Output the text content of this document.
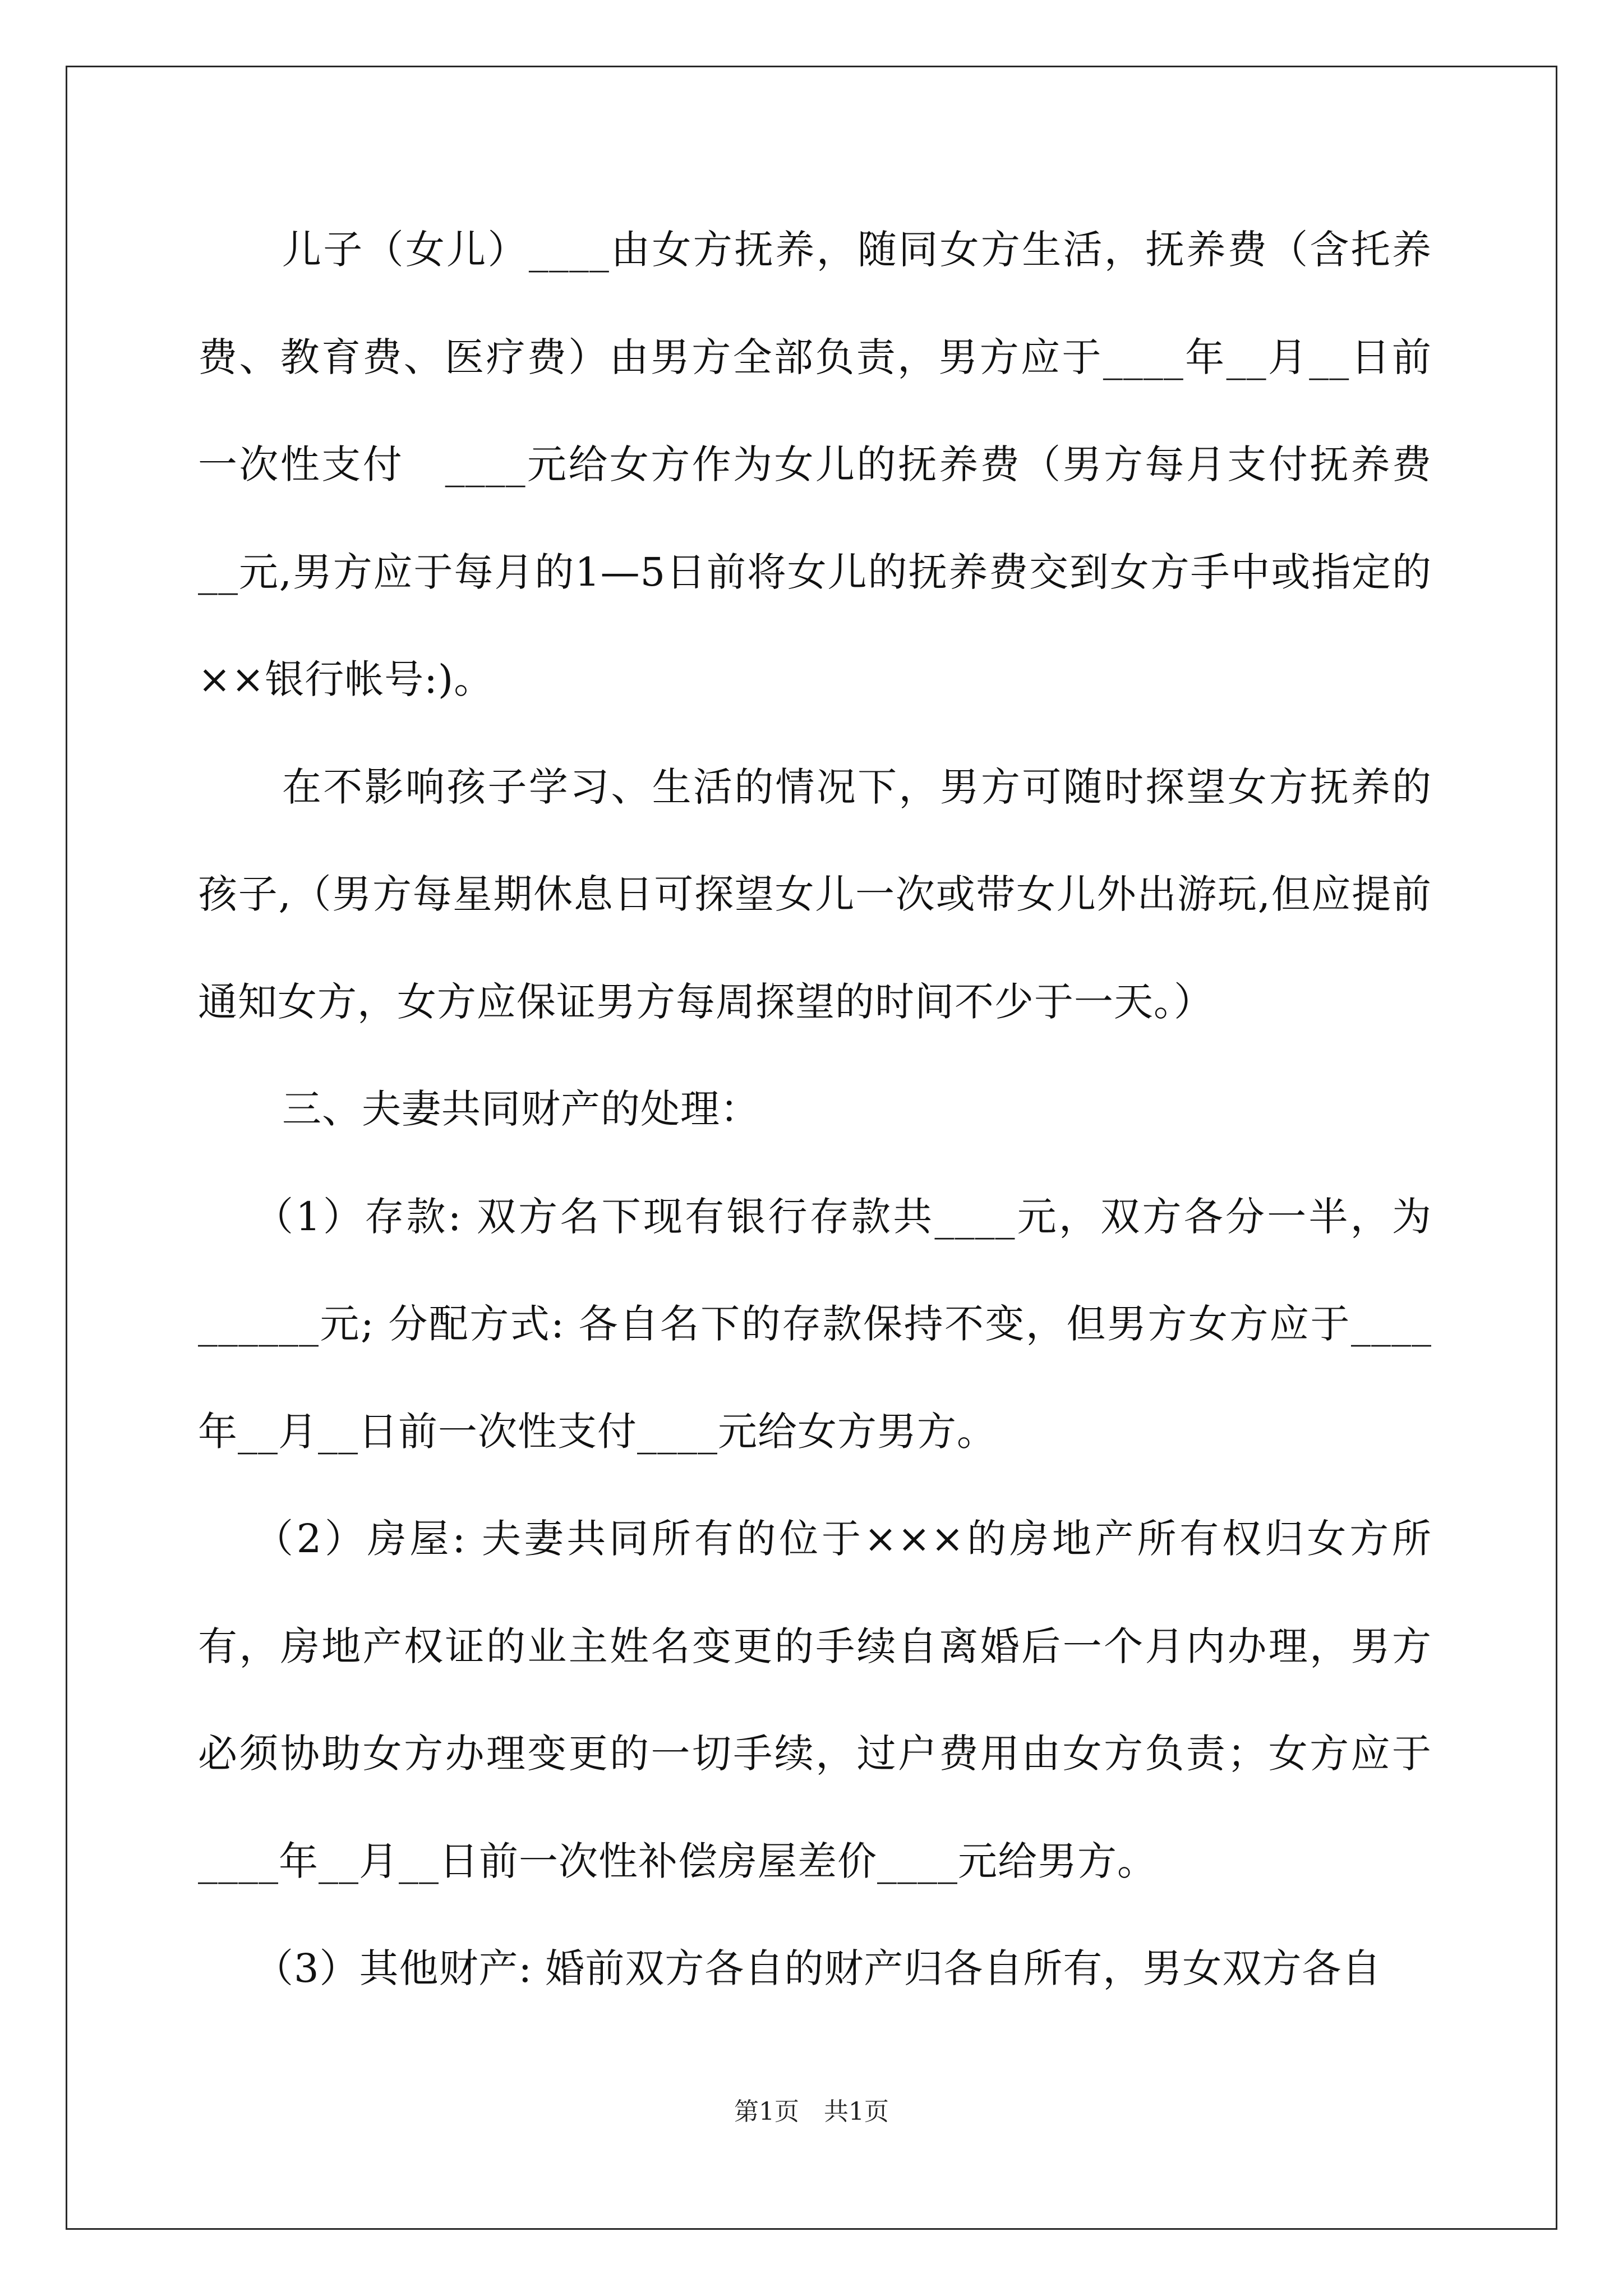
儿子（女儿）____由女方抚养，随同女方生活，抚养费（含托养费、教育费、医疗费）由男方全部负责，男方应于____年__月__日前一次性支付　____元给女方作为女儿的抚养费（男方每月支付抚养费__元,男方应于每月的1—5日前将女儿的抚养费交到女方手中或指定的××银行帐号:)。

在不影响孩子学习、生活的情况下，男方可随时探望女方抚养的孩子,（男方每星期休息日可探望女儿一次或带女儿外出游玩,但应提前通知女方，女方应保证男方每周探望的时间不少于一天。）

三、夫妻共同财产的处理：

（1）存款: 双方名下现有银行存款共____元，双方各分一半，为______元; 分配方式: 各自名下的存款保持不变，但男方女方应于____年__月__日前一次性支付____元给女方男方。

（2）房屋: 夫妻共同所有的位于×××的房地产所有权归女方所有，房地产权证的业主姓名变更的手续自离婚后一个月内办理，男方必须协助女方办理变更的一切手续，过户费用由女方负责；女方应于____年__月__日前一次性补偿房屋差价____元给男方。

（3）其他财产: 婚前双方各自的财产归各自所有，男女双方各自

第1页　共1页
